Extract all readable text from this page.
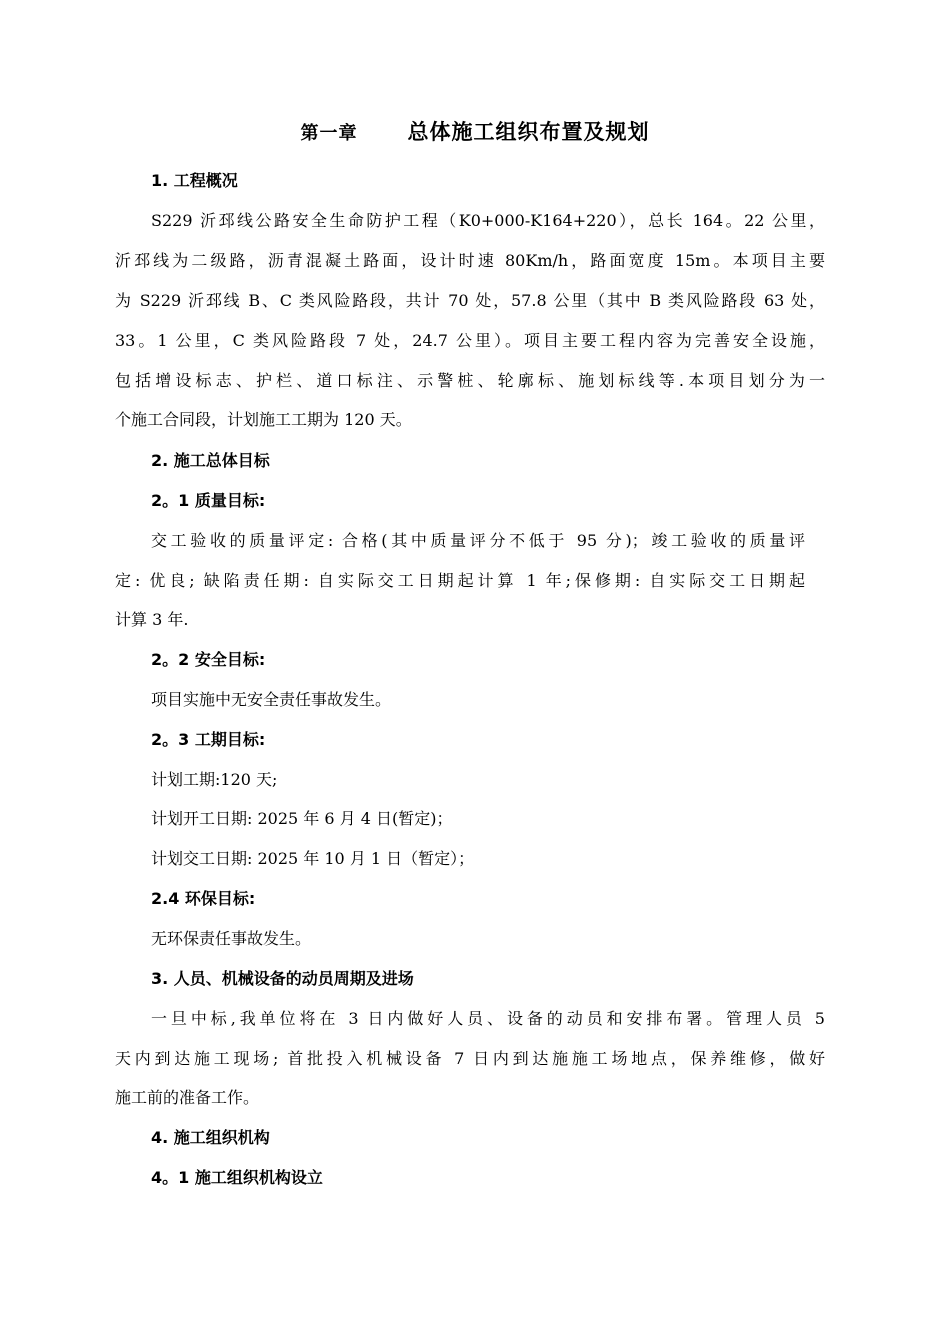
第一章 总体施工组织布置及规划
1. 工程概况
S229 沂邳线公路安全生命防护工程（K0+000-K164+220），总长 164。22 公里，
沂邳线为二级路，沥青混凝土路面，设计时速 80Km/h，路面宽度 15m。本项目主要
为 S229 沂邳线 B、C 类风险路段，共计 70 处，57.8 公里（其中 B 类风险路段 63 处，
33。1 公里，C 类风险路段 7 处，24.7 公里）。项目主要工程内容为完善安全设施，
包括增设标志、护栏、道口标注、示警桩、轮廓标、施划标线等.本项目划分为一
个施工合同段，计划施工工期为 120 天。
2. 施工总体目标
2。1 质量目标:
交工验收的质量评定: 合格(其中质量评分不低于 95 分)；竣工验收的质量评
定: 优良; 缺陷责任期: 自实际交工日期起计算 1 年;保修期: 自实际交工日期起
计算 3 年.
2。2 安全目标:
项目实施中无安全责任事故发生。
2。3 工期目标:
计划工期:120 天;
计划开工日期: 2025 年 6 月 4 日(暂定)；
计划交工日期: 2025 年 10 月 1 日（暂定）；
2.4 环保目标:
无环保责任事故发生。
3. 人员、机械设备的动员周期及进场
一旦中标,我单位将在 3 日内做好人员、设备的动员和安排布署。管理人员 5
天内到达施工现场; 首批投入机械设备 7 日内到达施施工场地点，保养维修，做好
施工前的准备工作。
4. 施工组织机构
4。1 施工组织机构设立
